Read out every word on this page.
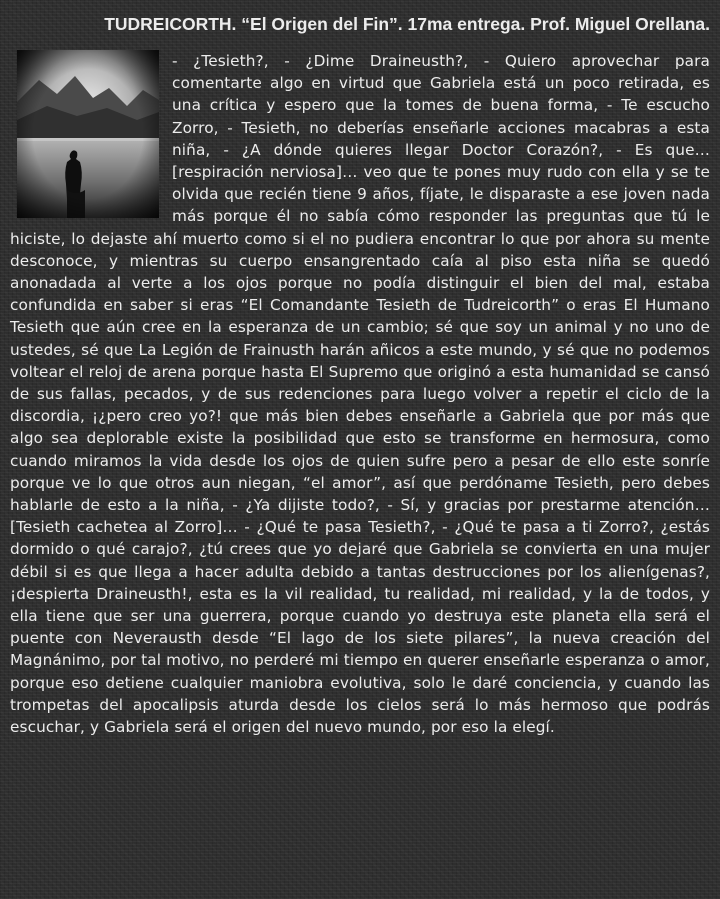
TUDREICORTH. “El Origen del Fin”. 17ma entrega. Prof. Miguel Orellana.

- ¿Tesieth?, - ¿Dime Draineusth?, - Quiero aprovechar para comentarte algo en virtud que Gabriela está un poco retirada, es una crítica y espero que la tomes de buena forma, - Te escucho Zorro, - Tesieth, no deberías enseñarle acciones macabras a esta niña, - ¿A dónde quieres llegar Doctor Corazón?, - Es que… [respiración nerviosa]… veo que te pones muy rudo con ella y se te olvida que recién tiene 9 años, fíjate, le disparaste a ese joven nada más porque él no sabía cómo responder las preguntas que tú le hiciste, lo dejaste ahí muerto como si el no pudiera encontrar lo que por ahora su mente desconoce, y mientras su cuerpo ensangrentado caía al piso esta niña se quedó anonadada al verte a los ojos porque no podía distinguir el bien del mal, estaba confundida en saber si eras “El Comandante Tesieth de Tudreicorth” o eras El Humano Tesieth que aún cree en la esperanza de un cambio; sé que soy un animal y no uno de ustedes, sé que La Legión de Frainusth harán añicos a este mundo, y sé que no podemos voltear el reloj de arena porque hasta El Supremo que originó a esta humanidad se cansó de sus fallas, pecados, y de sus redenciones para luego volver a repetir el ciclo de la discordia, ¡¿pero creo yo?! que más bien debes enseñarle a Gabriela que por más que algo sea deplorable existe la posibilidad que esto se transforme en hermosura, como cuando miramos la vida desde los ojos de quien sufre pero a pesar de ello este sonríe porque ve lo que otros aun niegan, “el amor”, así que perdóname Tesieth, pero debes hablarle de esto a la niña, - ¿Ya dijiste todo?, - Sí, y gracias por prestarme atención… [Tesieth cachetea al Zorro]… - ¿Qué te pasa Tesieth?, - ¿Qué te pasa a ti Zorro?, ¿estás dormido o qué carajo?, ¿tú crees que yo dejaré que Gabriela se convierta en una mujer débil si es que llega a hacer adulta debido a tantas destrucciones por los alienígenas?, ¡despierta Draineusth!, esta es la vil realidad, tu realidad, mi realidad, y la de todos, y ella tiene que ser una guerrera, porque cuando yo destruya este planeta ella será el puente con Neverausth desde “El lago de los siete pilares”, la nueva creación del Magnánimo, por tal motivo, no perderé mi tiempo en querer enseñarle esperanza o amor, porque eso detiene cualquier maniobra evolutiva, solo le daré conciencia, y cuando las trompetas del apocalipsis aturda desde los cielos será lo más hermoso que podrás escuchar, y Gabriela será el origen del nuevo mundo, por eso la elegí.
